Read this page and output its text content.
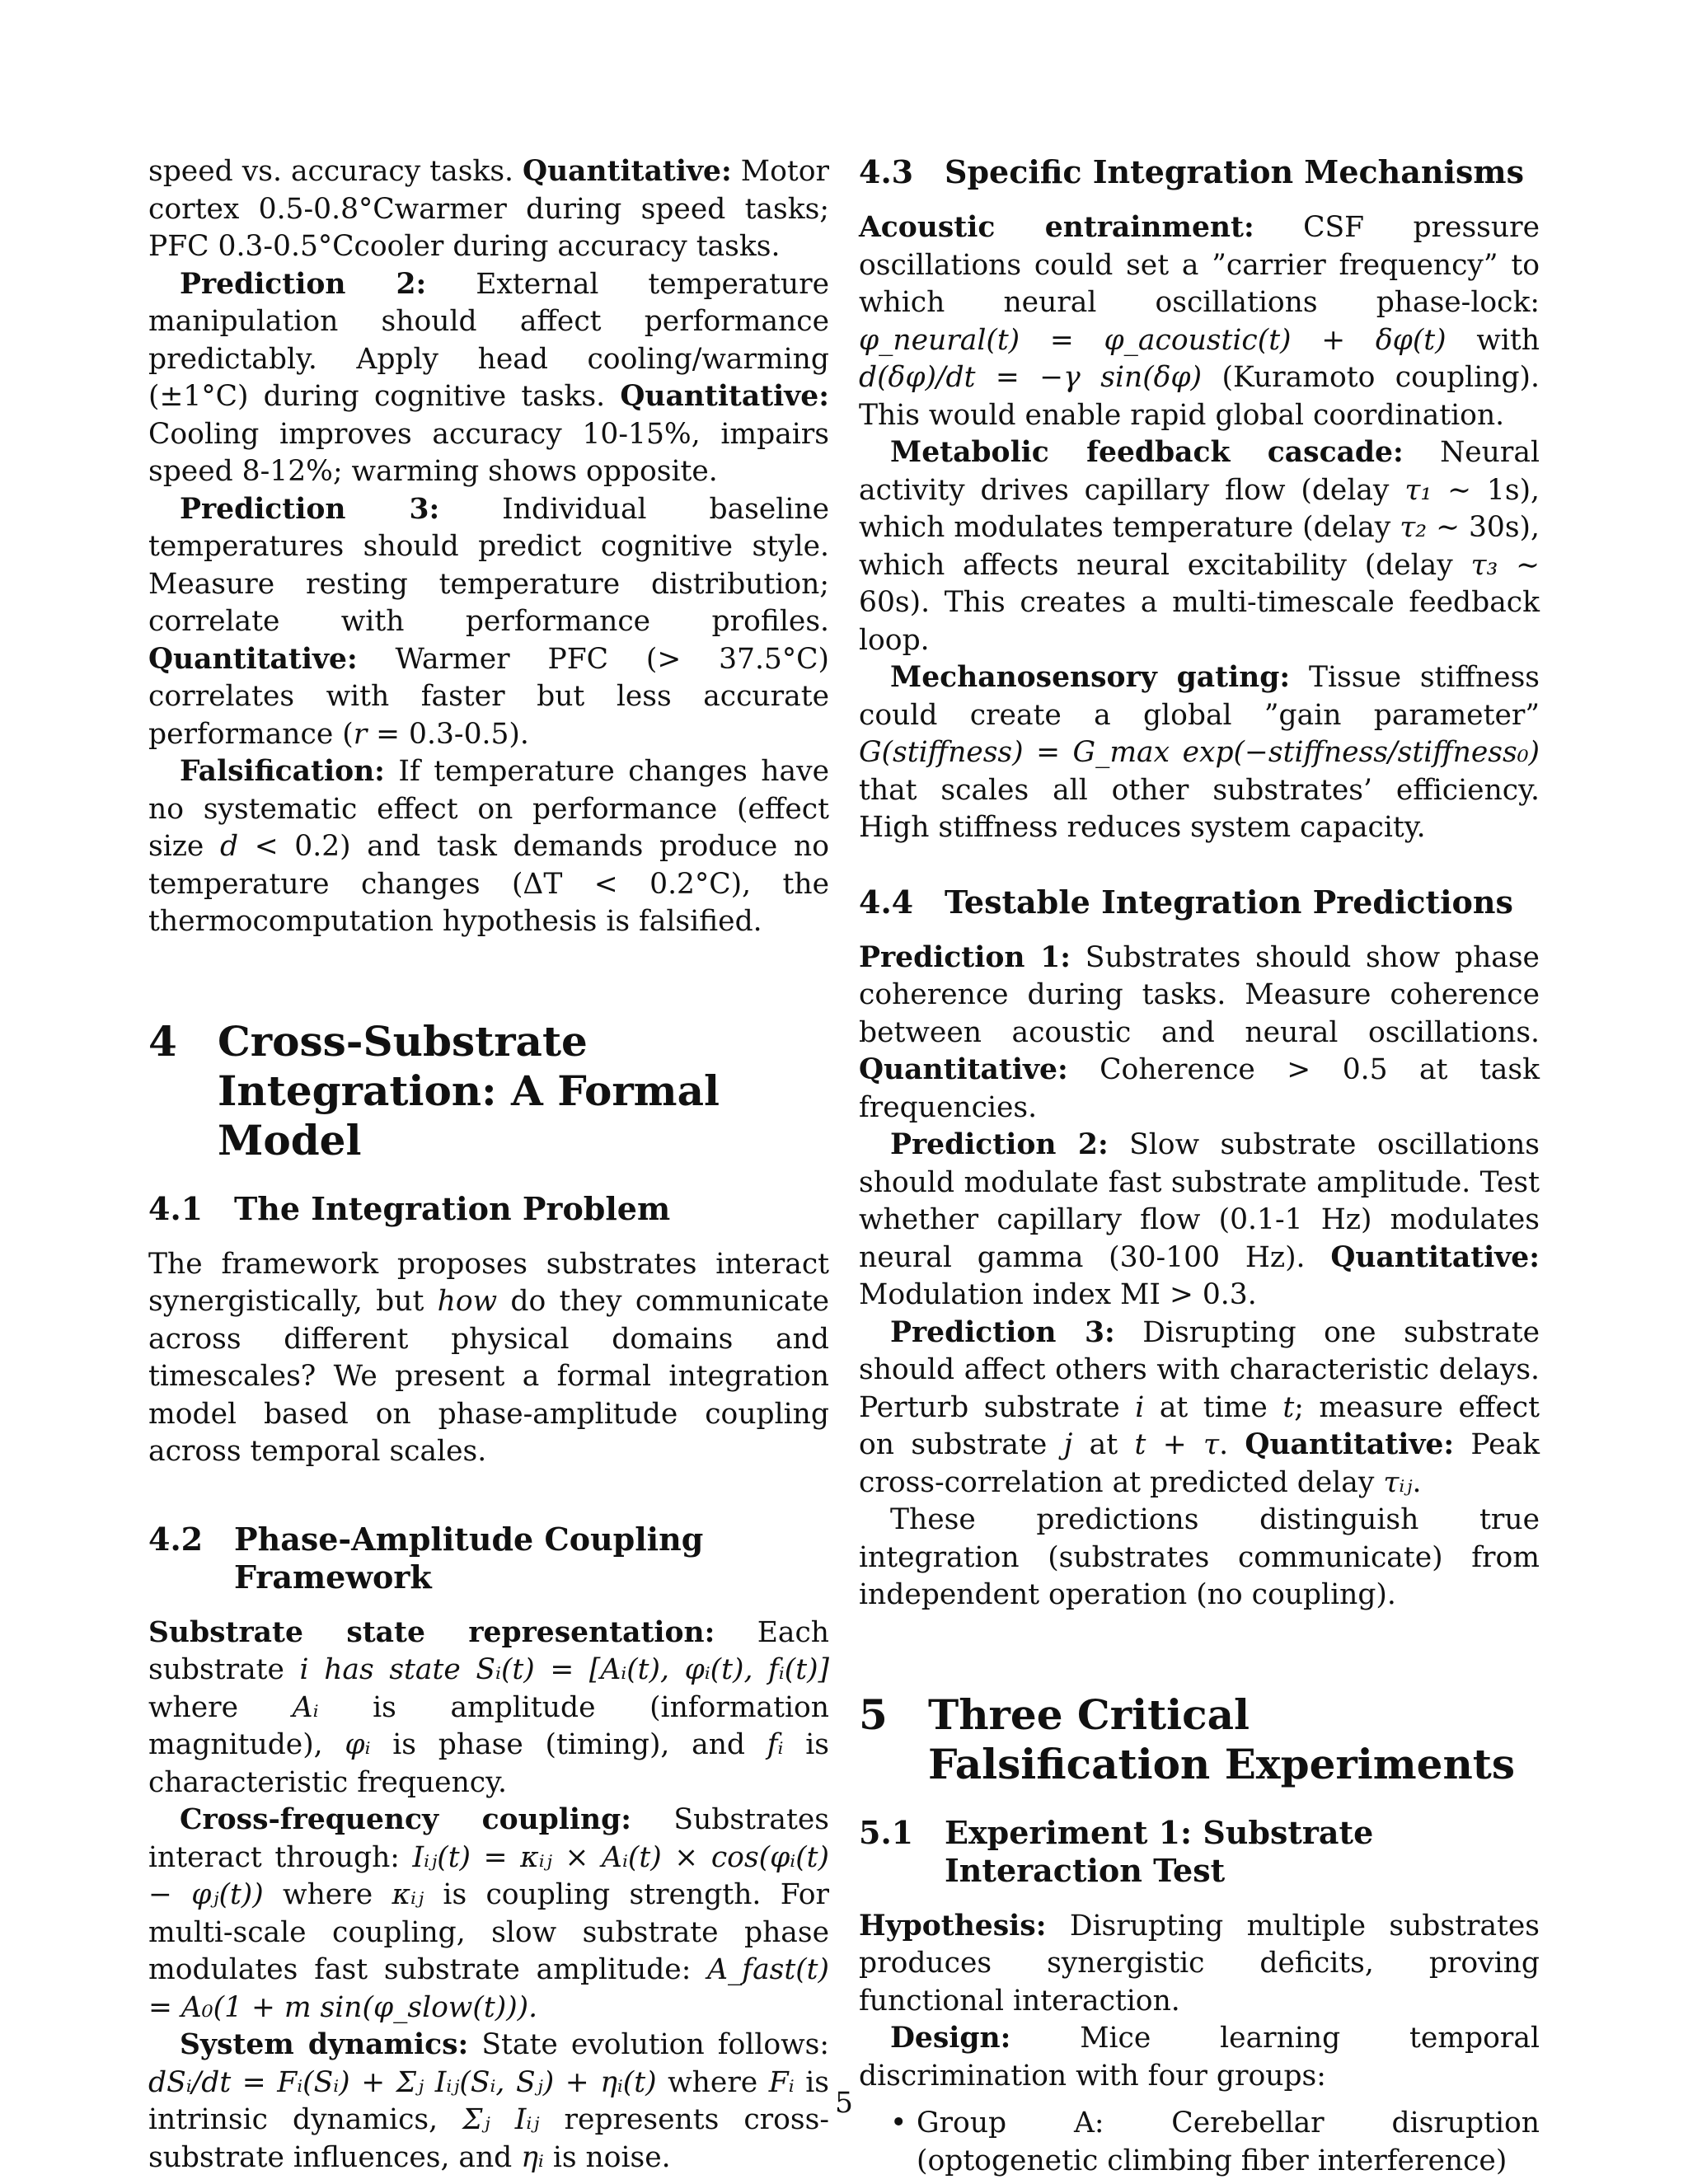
speed vs. accuracy tasks. Quantitative: Motor cortex 0.5-0.8°Cwarmer during speed tasks; PFC 0.3-0.5°Ccooler during accuracy tasks.

Prediction 2: External temperature manipulation should affect performance predictably. Apply head cooling/warming (±1°C) during cognitive tasks. Quantitative: Cooling improves accuracy 10-15%, impairs speed 8-12%; warming shows opposite.

Prediction 3: Individual baseline temperatures should predict cognitive style. Measure resting temperature distribution; correlate with performance profiles. Quantitative: Warmer PFC (> 37.5°C) correlates with faster but less accurate performance (r = 0.3-0.5).

Falsification: If temperature changes have no systematic effect on performance (effect size d < 0.2) and task demands produce no temperature changes (ΔT < 0.2°C), the thermocomputation hypothesis is falsified.

4 Cross-Substrate Integration: A Formal Model
4.1 The Integration Problem

The framework proposes substrates interact synergistically, but how do they communicate across different physical domains and timescales? We present a formal integration model based on phase-amplitude coupling across temporal scales.

4.2 Phase-Amplitude Coupling Framework

Substrate state representation: Each substrate i has state Sᵢ(t) = [Aᵢ(t), φᵢ(t), fᵢ(t)] where Aᵢ is amplitude (information magnitude), φᵢ is phase (timing), and fᵢ is characteristic frequency.

Cross-frequency coupling: Substrates interact through: Iᵢⱼ(t) = κᵢⱼ × Aᵢ(t) × cos(φᵢ(t) − φⱼ(t)) where κᵢⱼ is coupling strength. For multi-scale coupling, slow substrate phase modulates fast substrate amplitude: A_fast(t) = A₀(1 + m sin(φ_slow(t))).

System dynamics: State evolution follows: dSᵢ/dt = Fᵢ(Sᵢ) + Σⱼ Iᵢⱼ(Sᵢ, Sⱼ) + ηᵢ(t) where Fᵢ is intrinsic dynamics, Σⱼ Iᵢⱼ represents cross-substrate influences, and ηᵢ is noise.

4.3 Specific Integration Mechanisms

Acoustic entrainment: CSF pressure oscillations could set a ”carrier frequency” to which neural oscillations phase-lock: φ_neural(t) = φ_acoustic(t) + δφ(t) with d(δφ)/dt = −γ sin(δφ) (Kuramoto coupling). This would enable rapid global coordination.

Metabolic feedback cascade: Neural activity drives capillary flow (delay τ₁ ∼ 1s), which modulates temperature (delay τ₂ ∼ 30s), which affects neural excitability (delay τ₃ ∼ 60s). This creates a multi-timescale feedback loop.

Mechanosensory gating: Tissue stiffness could create a global ”gain parameter” G(stiffness) = G_max exp(−stiffness/stiffness₀) that scales all other substrates’ efficiency. High stiffness reduces system capacity.

4.4 Testable Integration Predictions

Prediction 1: Substrates should show phase coherence during tasks. Measure coherence between acoustic and neural oscillations. Quantitative: Coherence > 0.5 at task frequencies.

Prediction 2: Slow substrate oscillations should modulate fast substrate amplitude. Test whether capillary flow (0.1-1 Hz) modulates neural gamma (30-100 Hz). Quantitative: Modulation index MI > 0.3.

Prediction 3: Disrupting one substrate should affect others with characteristic delays. Perturb substrate i at time t; measure effect on substrate j at t + τ. Quantitative: Peak cross-correlation at predicted delay τᵢⱼ.

These predictions distinguish true integration (substrates communicate) from independent operation (no coupling).

5 Three Critical Falsification Experiments
5.1 Experiment 1: Substrate Interaction Test

Hypothesis: Disrupting multiple substrates produces synergistic deficits, proving functional interaction.

Design: Mice learning temporal discrimination with four groups:

• Group A: Cerebellar disruption (optogenetic climbing fiber interference)
5
